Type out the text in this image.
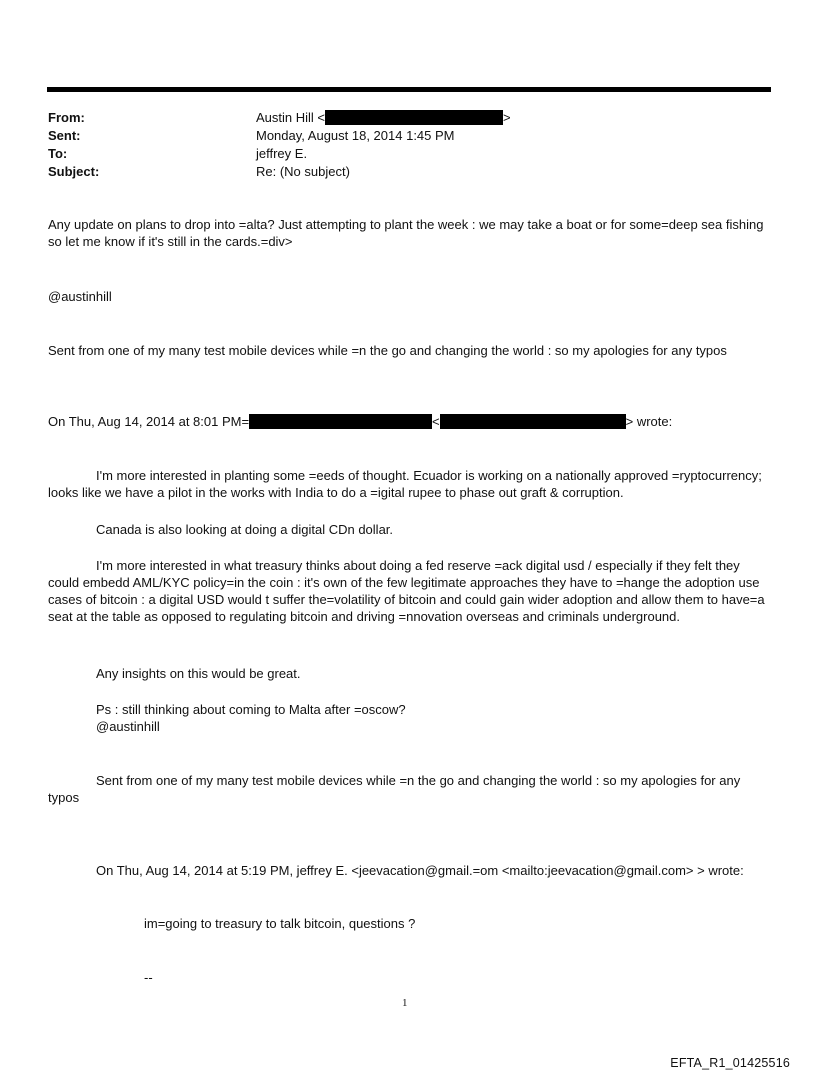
From:	Austin Hill <	>
Sent:	Monday, August 18, 2014 1:45 PM
To:	jeffrey E.
Subject:	Re: (No subject)
Any update on plans to drop into =alta? Just attempting to plant the week : we may take a boat or for some=deep sea fishing so let me know if it's still in the cards.=div>
@austinhill
Sent from one of my many test mobile devices while =n the go and changing the world : so my apologies for any typos
On Thu, Aug 14, 2014 at 8:01 PM=	<	> wrote:
I'm more interested in planting some =eeds of thought. Ecuador is working on a nationally approved =ryptocurrency; looks like we have a pilot in the works with India to do a =igital rupee to phase out graft & corruption.
Canada is also looking at doing a digital CDn dollar.
I'm more interested in what treasury thinks about doing a fed reserve =ack digital usd / especially if they felt they could embedd AML/KYC policy=in the coin : it's own of the few legitimate approaches they have to =hange the adoption use cases of bitcoin : a digital USD would t suffer the=volatility of bitcoin and could gain wider adoption and allow them to have=a seat at the table as opposed to regulating bitcoin and driving =nnovation overseas and criminals underground.
Any insights on this would be great.
Ps : still thinking about coming to Malta after =oscow?
@austinhill
Sent from one of my many test mobile devices while =n the go and changing the world : so my apologies for any typos
On Thu, Aug 14, 2014 at 5:19 PM, jeffrey E. <jeevacation@gmail.=om <mailto:jeevacation@gmail.com> > wrote:
im=going to treasury to talk bitcoin, questions ?
--
1
EFTA_R1_01425516
